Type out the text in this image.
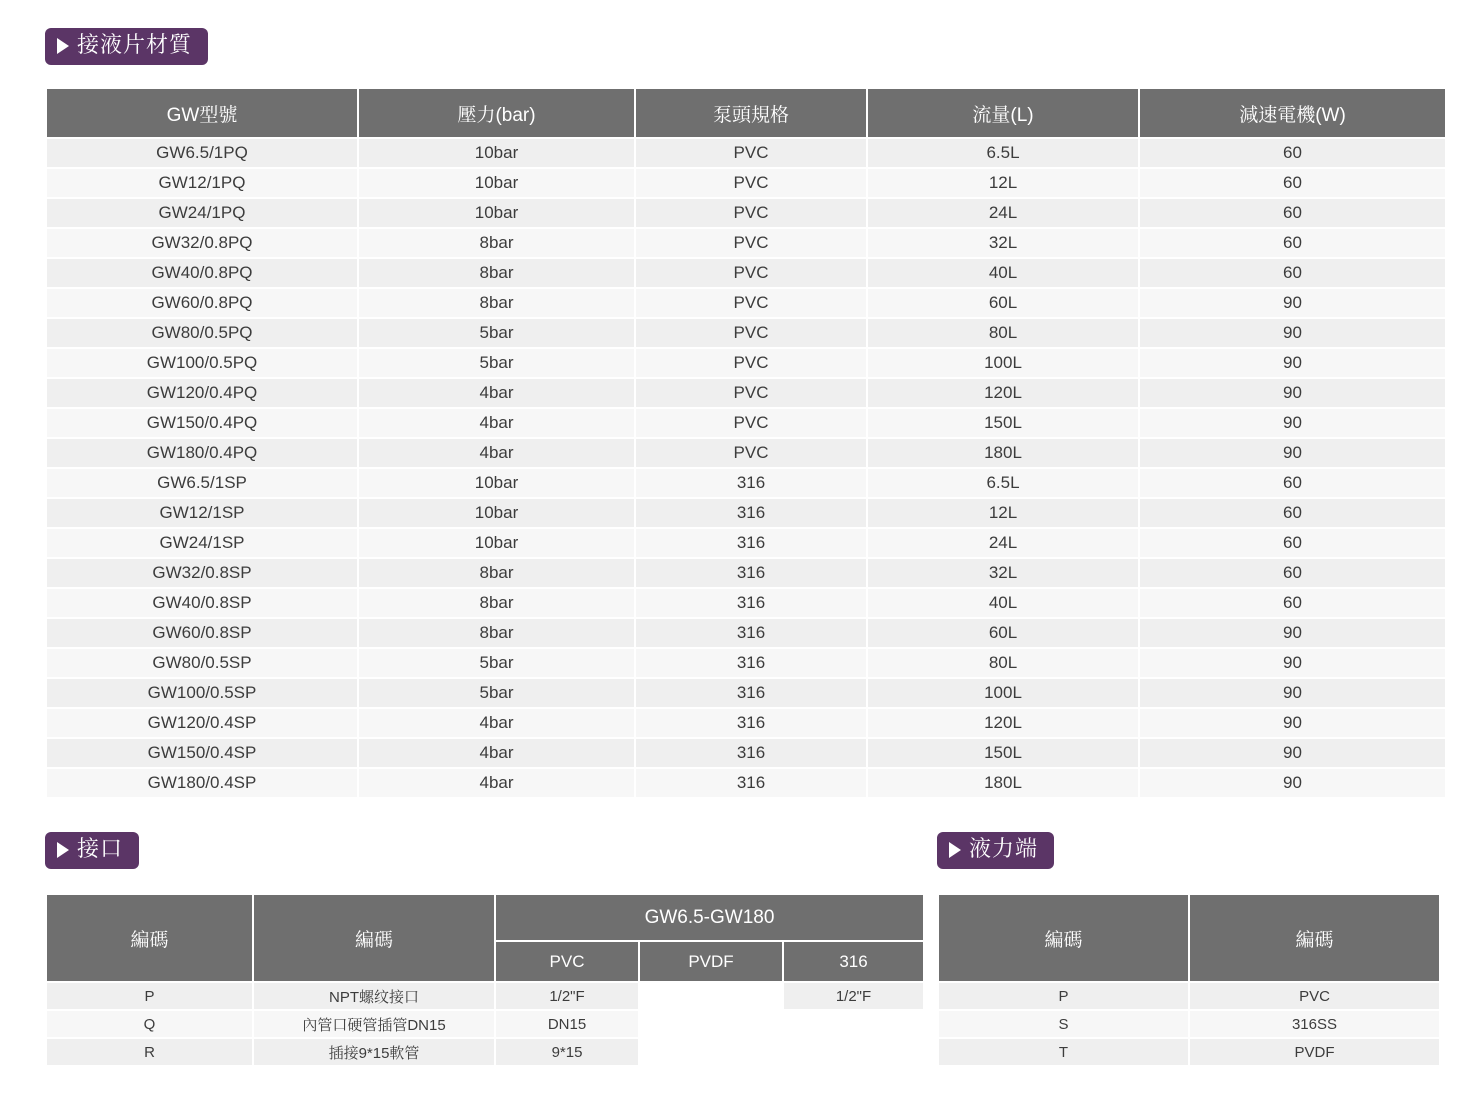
接液片材質
GW型號	壓力(bar)	泵頭規格	流量(L)	減速電機(W)
GW6.5/1PQ	10bar	PVC	6.5L	60
GW12/1PQ	10bar	PVC	12L	60
GW24/1PQ	10bar	PVC	24L	60
GW32/0.8PQ	8bar	PVC	32L	60
GW40/0.8PQ	8bar	PVC	40L	60
GW60/0.8PQ	8bar	PVC	60L	90
GW80/0.5PQ	5bar	PVC	80L	90
GW100/0.5PQ	5bar	PVC	100L	90
GW120/0.4PQ	4bar	PVC	120L	90
GW150/0.4PQ	4bar	PVC	150L	90
GW180/0.4PQ	4bar	PVC	180L	90
GW6.5/1SP	10bar	316	6.5L	60
GW12/1SP	10bar	316	12L	60
GW24/1SP	10bar	316	24L	60
GW32/0.8SP	8bar	316	32L	60
GW40/0.8SP	8bar	316	40L	60
GW60/0.8SP	8bar	316	60L	90
GW80/0.5SP	5bar	316	80L	90
GW100/0.5SP	5bar	316	100L	90
GW120/0.4SP	4bar	316	120L	90
GW150/0.4SP	4bar	316	150L	90
GW180/0.4SP	4bar	316	180L	90
接口
編碼	編碼	GW6.5-GW180		
		PVC	PVDF	316
P	NPT螺纹接口	1/2"F		1/2"F
Q	內管口硬管插管DN15	DN15		
R	插接9*15軟管	9*15		
液力端
編碼	編碼
P	PVC
S	316SS
T	PVDF
